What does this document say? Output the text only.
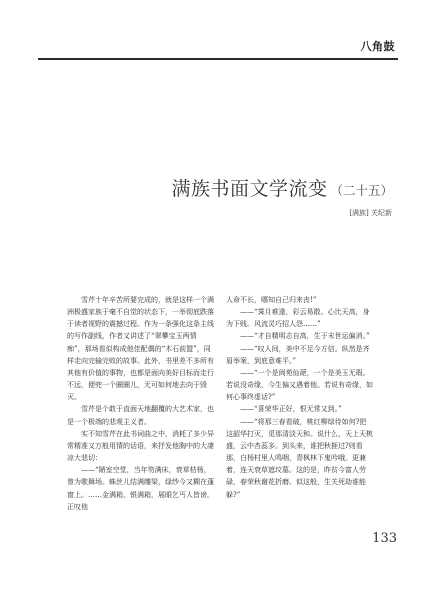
八角鼓
满族书面文学流变 （二十五）
[满族] 关纪新

雪芹十年辛苦所要完成的，就是这样一个满洲极盛家族于毫不自觉的状态下，一举彻底跌落于读者视野的震撼过程。作为一条强化这条主线的写作副线，作者又讲述了“翠攀宝玉两情痴”，那场看似构成他佳配偶的“木石前盟”，同样走向完输完败的故事。此外，书里差不多所有其他有价值的事物，也都是面向美好目标而走行不远，便兜一个圈圈儿，无可如何地去向于毁灭。

雪芹是个敢于直面天地翻覆的大艺术家，也是一个极端的悲观主义者。

实不知雪芹在此书词曲之中，消耗了多少异常精准又万般用情的话语，来抒发他胸中的大凄凉大悲切：

——“陋室空堂，当年笏满床，衰草枯杨，曾为歌舞场。蛛丝儿结满雕梁，绿纱今又糊在蓬窗上。……金满箱，银满箱，展眼乞丐人皆谤。正叹他

人命不长，哪知自己归来丧!”

——“霁月难逢，彩云易散。心比天高，身为下贱。风流灵巧招人怨……”

——“才自精明志自高，生于末世运偏消。”

——“叹人间，美中不足今方信。纵然是齐眉举案，到底意难平。”

——“一个是阆苑仙葩，一个是美玉无瑕。若说没奇缘，今生偏又遇着他。若说有奇缘，如何心事终虚话?”

——“喜荣华正好，恨无常又到。”

——“将那三春看破，桃红柳绿待如何?把这韶华打灭，觅那清淡天和。说什么，天上天桃盛，云中杏蕊多。到头来，谁把秋捱过?则看那，白杨村里人鸣咽，青枫林下鬼吟哦。更兼着，连天衰草遮坟墓。这的是，昨贫今富人劳碌，春荣秋谢花折磨。似这般，生关死劫谁能躲?”

133
